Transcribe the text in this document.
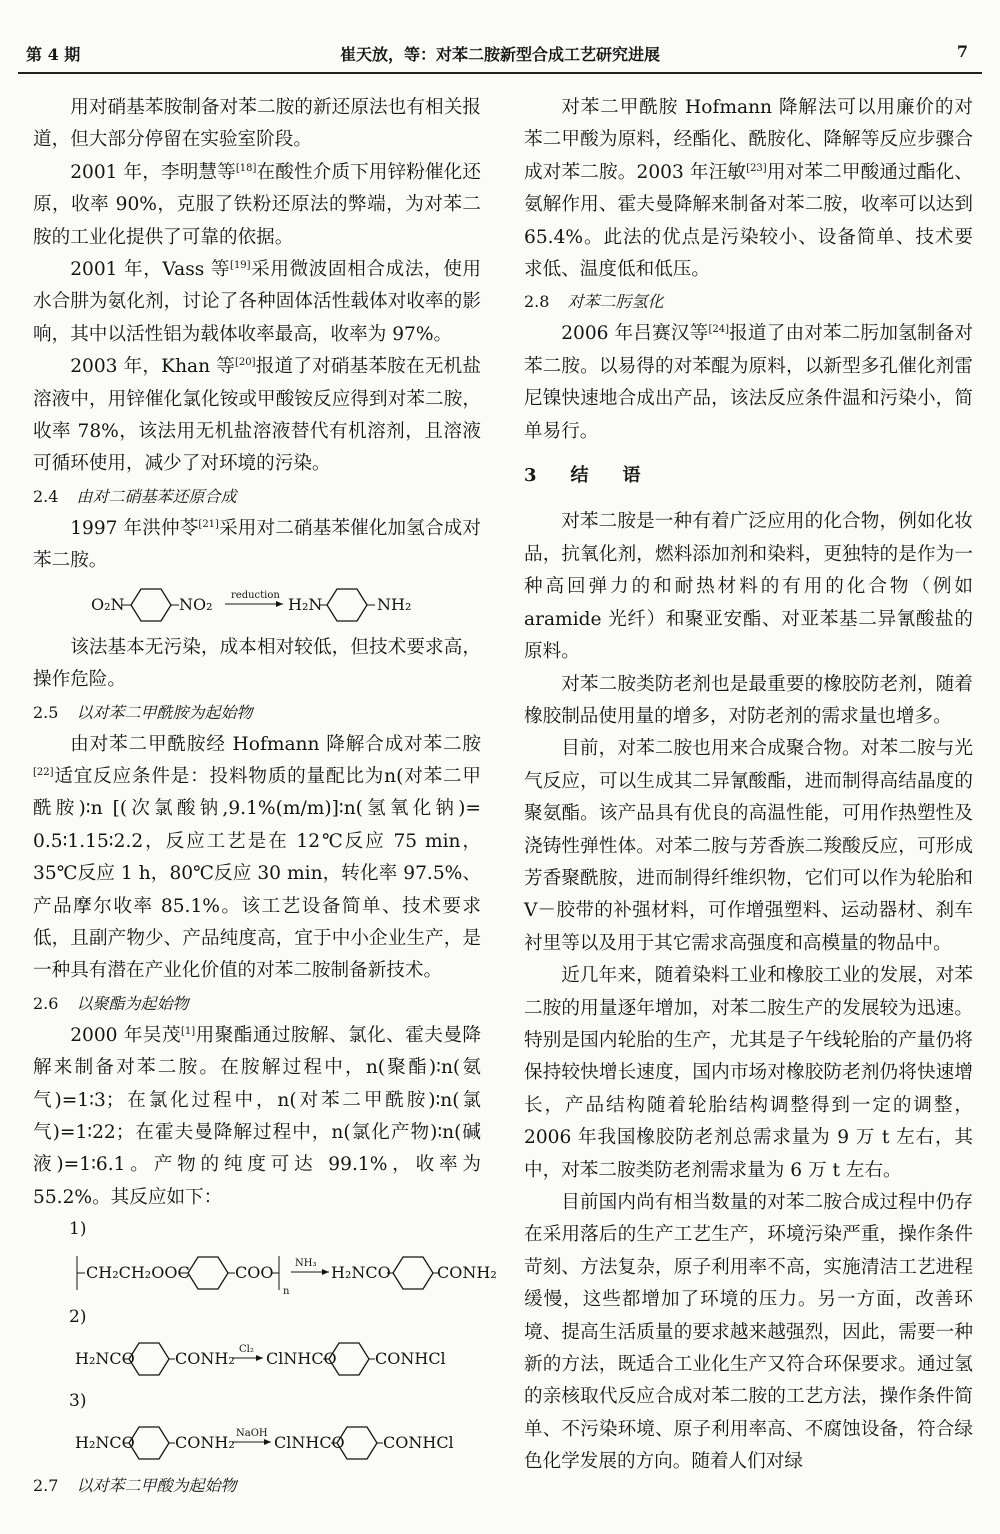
第 4 期	崔天放，等：对苯二胺新型合成工艺研究进展	7

用对硝基苯胺制备对苯二胺的新还原法也有相关报道，但大部分停留在实验室阶段。

2001 年，李明慧等[18]在酸性介质下用锌粉催化还原，收率 90%，克服了铁粉还原法的弊端，为对苯二胺的工业化提供了可靠的依据。

2001 年，Vass 等[19]采用微波固相合成法，使用水合肼为氨化剂，讨论了各种固体活性载体对收率的影响，其中以活性铝为载体收率最高，收率为 97%。

2003 年，Khan 等[20]报道了对硝基苯胺在无机盐溶液中，用锌催化氯化铵或甲酸铵反应得到对苯二胺，收率 78%，该法用无机盐溶液替代有机溶剂，且溶液可循环使用，减少了对环境的污染。

2.4 由对二硝基苯还原合成

1997 年洪仲苓[21]采用对二硝基苯催化加氢合成对苯二胺。

O₂N	NO₂ reduction H₂N	NH₂

该法基本无污染，成本相对较低，但技术要求高，操作危险。

2.5 以对苯二甲酰胺为起始物

由对苯二甲酰胺经 Hofmann 降解合成对苯二胺[22]适宜反应条件是：投料物质的量配比为n(对苯二甲酰胺)∶n [(次氯酸钠,9.1%(m/m)]∶n(氢氧化钠)= 0.5∶1.15∶2.2，反应工艺是在 12℃反应 75 min，35℃反应 1 h，80℃反应 30 min，转化率 97.5%、产品摩尔收率 85.1%。该工艺设备简单、技术要求低，且副产物少、产品纯度高，宜于中小企业生产，是一种具有潜在产业化价值的对苯二胺制备新技术。

2.6 以聚酯为起始物

2000 年吴茂[1]用聚酯通过胺解、氯化、霍夫曼降解来制备对苯二胺。在胺解过程中，n(聚酯)∶n(氨气)=1∶3；在氯化过程中，n(对苯二甲酰胺)∶n(氯气)=1∶22；在霍夫曼降解过程中，n(氯化产物)∶n(碱液)=1∶6.1。产物的纯度可达 99.1%，收率为 55.2%。其反应如下：

1)
CH₂CH₂OOC	COO
n
NH₃ H₂NCO	CONH₂
2)
H₂NCO	CONH₂ Cl₂ ClNHCO CONHCl
3)
H₂NCO	CONH₂ NaOH ClNHCO CONHCl

2.7 以对苯二甲酸为起始物

对苯二甲酰胺 Hofmann 降解法可以用廉价的对苯二甲酸为原料，经酯化、酰胺化、降解等反应步骤合成对苯二胺。2003 年汪敏[23]用对苯二甲酸通过酯化、氨解作用、霍夫曼降解来制备对苯二胺，收率可以达到 65.4%。此法的优点是污染较小、设备简单、技术要求低、温度低和低压。

2.8 对苯二肟氢化

2006 年吕赛汉等[24]报道了由对苯二肟加氢制备对苯二胺。以易得的对苯醌为原料，以新型多孔催化剂雷尼镍快速地合成出产品，该法反应条件温和污染小，简单易行。

3　结　语

对苯二胺是一种有着广泛应用的化合物，例如化妆品，抗氧化剂，燃料添加剂和染料，更独特的是作为一种高回弹力的和耐热材料的有用的化合物（例如 aramide 光纤）和聚亚安酯、对亚苯基二异氰酸盐的原料。

对苯二胺类防老剂也是最重要的橡胶防老剂，随着橡胶制品使用量的增多，对防老剂的需求量也增多。

目前，对苯二胺也用来合成聚合物。对苯二胺与光气反应，可以生成其二异氰酸酯，进而制得高结晶度的聚氨酯。该产品具有优良的高温性能，可用作热塑性及浇铸性弹性体。对苯二胺与芳香族二羧酸反应，可形成芳香聚酰胺，进而制得纤维织物，它们可以作为轮胎和 V－胶带的补强材料，可作增强塑料、运动器材、刹车衬里等以及用于其它需求高强度和高模量的物品中。

近几年来，随着染料工业和橡胶工业的发展，对苯二胺的用量逐年增加，对苯二胺生产的发展较为迅速。特别是国内轮胎的生产，尤其是子午线轮胎的产量仍将保持较快增长速度，国内市场对橡胶防老剂仍将快速增长，产品结构随着轮胎结构调整得到一定的调整，2006 年我国橡胶防老剂总需求量为 9 万 t 左右，其中，对苯二胺类防老剂需求量为 6 万 t 左右。

目前国内尚有相当数量的对苯二胺合成过程中仍存在采用落后的生产工艺生产，环境污染严重，操作条件苛刻、方法复杂，原子利用率不高，实施清洁工艺进程缓慢，这些都增加了环境的压力。另一方面，改善环境、提高生活质量的要求越来越强烈，因此，需要一种新的方法，既适合工业化生产又符合环保要求。通过氢的亲核取代反应合成对苯二胺的工艺方法，操作条件简单、不污染环境、原子利用率高、不腐蚀设备，符合绿色化学发展的方向。随着人们对绿
